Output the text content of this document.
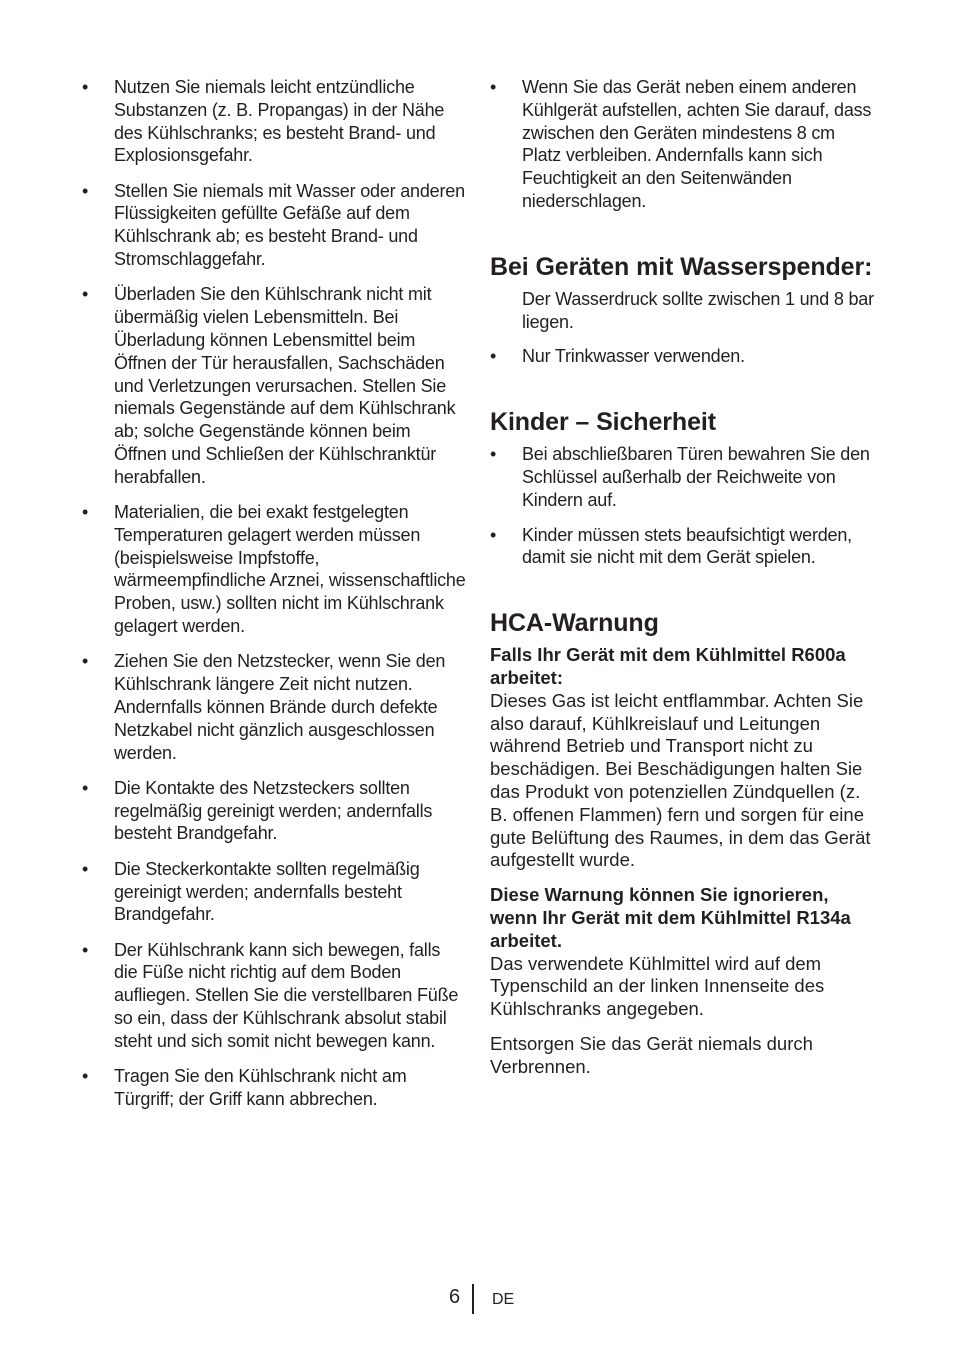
• Nutzen Sie niemals leicht entzündliche Substanzen (z. B. Propangas) in der Nähe des Kühlschranks; es besteht Brand- und Explosionsgefahr.
• Stellen Sie niemals mit Wasser oder anderen Flüssigkeiten gefüllte Gefäße auf dem Kühlschrank ab; es besteht Brand- und Stromschlaggefahr.
• Überladen Sie den Kühlschrank nicht mit übermäßig vielen Lebensmitteln. Bei Überladung können Lebensmittel beim Öffnen der Tür herausfallen, Sachschäden und Verletzungen verursachen. Stellen Sie niemals Gegenstände auf dem Kühlschrank ab; solche Gegenstände können beim Öffnen und Schließen der Kühlschranktür herabfallen.
• Materialien, die bei exakt festgelegten Temperaturen gelagert werden müssen (beispielsweise Impfstoffe, wärmeempfindliche Arznei, wissenschaftliche Proben, usw.) sollten nicht im Kühlschrank gelagert werden.
• Ziehen Sie den Netzstecker, wenn Sie den Kühlschrank längere Zeit nicht nutzen. Andernfalls können Brände durch defekte Netzkabel nicht gänzlich ausgeschlossen werden.
• Die Kontakte des Netzsteckers sollten regelmäßig gereinigt werden; andernfalls besteht Brandgefahr.
• Die Steckerkontakte sollten regelmäßig gereinigt werden; andernfalls besteht Brandgefahr.
• Der Kühlschrank kann sich bewegen, falls die Füße nicht richtig auf dem Boden aufliegen. Stellen Sie die verstellbaren Füße so ein, dass der Kühlschrank absolut stabil steht und sich somit nicht bewegen kann.
• Tragen Sie den Kühlschrank nicht am Türgriff; der Griff kann abbrechen.
• Wenn Sie das Gerät neben einem anderen Kühlgerät aufstellen, achten Sie darauf, dass zwischen den Geräten mindestens 8 cm Platz verbleiben. Andernfalls kann sich Feuchtigkeit an den Seitenwänden niederschlagen.
Bei Geräten mit Wasserspender:

Der Wasserdruck sollte zwischen 1 und 8 bar liegen.

• Nur Trinkwasser verwenden.
Kinder – Sicherheit
• Bei abschließbaren Türen bewahren Sie den Schlüssel außerhalb der Reichweite von Kindern auf.
• Kinder müssen stets beaufsichtigt werden, damit sie nicht mit dem Gerät spielen.
HCA-Warnung

Falls Ihr Gerät mit dem Kühlmittel R600a arbeitet:

Dieses Gas ist leicht entflammbar. Achten Sie also darauf, Kühlkreislauf und Leitungen während Betrieb und Transport nicht zu beschädigen. Bei Beschädigungen halten Sie das Produkt von potenziellen Zündquellen (z. B. offenen Flammen) fern und sorgen für eine gute Belüftung des Raumes, in dem das Gerät aufgestellt wurde.

Diese Warnung können Sie ignorieren, wenn Ihr Gerät mit dem Kühlmittel R134a arbeitet.

Das verwendete Kühlmittel wird auf dem Typenschild an der linken Innenseite des Kühlschranks angegeben.

Entsorgen Sie das Gerät niemals durch Verbrennen.

6 DE
